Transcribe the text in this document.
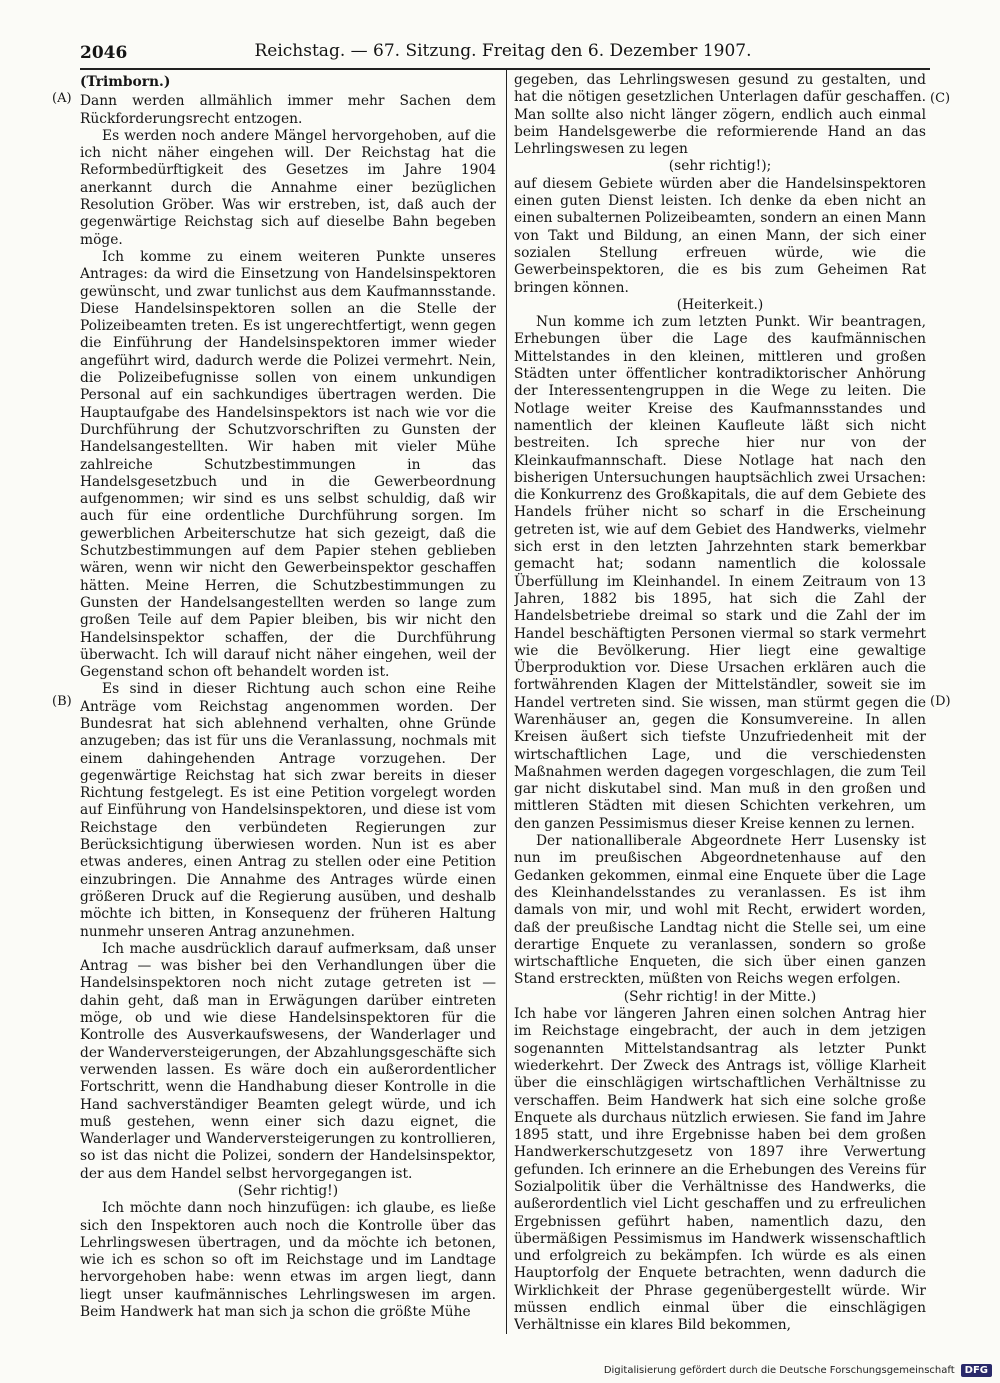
2046	Reichstag. — 67. Sitzung. Freitag den 6. Dezember 1907.
(A)
(B)
(C)
(D)

(Trimborn.)

Dann werden allmählich immer mehr Sachen dem Rückforderungsrecht entzogen.

Es werden noch andere Mängel hervorgehoben, auf die ich nicht näher eingehen will. Der Reichstag hat die Reformbedürftigkeit des Gesetzes im Jahre 1904 anerkannt durch die Annahme einer bezüglichen Resolution Gröber. Was wir erstreben, ist, daß auch der gegenwärtige Reichstag sich auf dieselbe Bahn begeben möge.

Ich komme zu einem weiteren Punkte unseres Antrages: da wird die Einsetzung von Handelsinspektoren gewünscht, und zwar tunlichst aus dem Kaufmannsstande. Diese Handelsinspektoren sollen an die Stelle der Polizeibeamten treten. Es ist ungerechtfertigt, wenn gegen die Einführung der Handelsinspektoren immer wieder angeführt wird, dadurch werde die Polizei vermehrt. Nein, die Polizeibefugnisse sollen von einem unkundigen Personal auf ein sachkundiges übertragen werden. Die Hauptaufgabe des Handelsinspektors ist nach wie vor die Durchführung der Schutzvorschriften zu Gunsten der Handelsangestellten. Wir haben mit vieler Mühe zahlreiche Schutzbestimmungen in das Handelsgesetzbuch und in die Gewerbeordnung aufgenommen; wir sind es uns selbst schuldig, daß wir auch für eine ordentliche Durchführung sorgen. Im gewerblichen Arbeiterschutze hat sich gezeigt, daß die Schutzbestimmungen auf dem Papier stehen geblieben wären, wenn wir nicht den Gewerbeinspektor geschaffen hätten. Meine Herren, die Schutzbestimmungen zu Gunsten der Handelsangestellten werden so lange zum großen Teile auf dem Papier bleiben, bis wir nicht den Handelsinspektor schaffen, der die Durchführung überwacht. Ich will darauf nicht näher eingehen, weil der Gegenstand schon oft behandelt worden ist.

Es sind in dieser Richtung auch schon eine Reihe Anträge vom Reichstag angenommen worden. Der Bundesrat hat sich ablehnend verhalten, ohne Gründe anzugeben; das ist für uns die Veranlassung, nochmals mit einem dahingehenden Antrage vorzugehen. Der gegenwärtige Reichstag hat sich zwar bereits in dieser Richtung festgelegt. Es ist eine Petition vorgelegt worden auf Einführung von Handelsinspektoren, und diese ist vom Reichstage den verbündeten Regierungen zur Berücksichtigung überwiesen worden. Nun ist es aber etwas anderes, einen Antrag zu stellen oder eine Petition einzubringen. Die Annahme des Antrages würde einen größeren Druck auf die Regierung ausüben, und deshalb möchte ich bitten, in Konsequenz der früheren Haltung nunmehr unseren Antrag anzunehmen.

Ich mache ausdrücklich darauf aufmerksam, daß unser Antrag — was bisher bei den Verhandlungen über die Handelsinspektoren noch nicht zutage getreten ist — dahin geht, daß man in Erwägungen darüber eintreten möge, ob und wie diese Handelsinspektoren für die Kontrolle des Ausverkaufswesens, der Wanderlager und der Wanderversteigerungen, der Abzahlungsgeschäfte sich verwenden lassen. Es wäre doch ein außerordentlicher Fortschritt, wenn die Handhabung dieser Kontrolle in die Hand sachverständiger Beamten gelegt würde, und ich muß gestehen, wenn einer sich dazu eignet, die Wanderlager und Wanderversteigerungen zu kontrollieren, so ist das nicht die Polizei, sondern der Handelsinspektor, der aus dem Handel selbst hervorgegangen ist.

(Sehr richtig!)

Ich möchte dann noch hinzufügen: ich glaube, es ließe sich den Inspektoren auch noch die Kontrolle über das Lehrlingswesen übertragen, und da möchte ich betonen, wie ich es schon so oft im Reichstage und im Landtage hervorgehoben habe: wenn etwas im argen liegt, dann liegt unser kaufmännisches Lehrlingswesen im argen. Beim Handwerk hat man sich ja schon die größte Mühe

gegeben, das Lehrlingswesen gesund zu gestalten, und hat die nötigen gesetzlichen Unterlagen dafür geschaffen. Man sollte also nicht länger zögern, endlich auch einmal beim Handelsgewerbe die reformierende Hand an das Lehrlingswesen zu legen

(sehr richtig!);

auf diesem Gebiete würden aber die Handelsinspektoren einen guten Dienst leisten. Ich denke da eben nicht an einen subalternen Polizeibeamten, sondern an einen Mann von Takt und Bildung, an einen Mann, der sich einer sozialen Stellung erfreuen würde, wie die Gewerbeinspektoren, die es bis zum Geheimen Rat bringen können.

(Heiterkeit.)

Nun komme ich zum letzten Punkt. Wir beantragen, Erhebungen über die Lage des kaufmännischen Mittelstandes in den kleinen, mittleren und großen Städten unter öffentlicher kontradiktorischer Anhörung der Interessentengruppen in die Wege zu leiten. Die Notlage weiter Kreise des Kaufmannsstandes und namentlich der kleinen Kaufleute läßt sich nicht bestreiten. Ich spreche hier nur von der Kleinkaufmannschaft. Diese Notlage hat nach den bisherigen Untersuchungen hauptsächlich zwei Ursachen: die Konkurrenz des Großkapitals, die auf dem Gebiete des Handels früher nicht so scharf in die Erscheinung getreten ist, wie auf dem Gebiet des Handwerks, vielmehr sich erst in den letzten Jahrzehnten stark bemerkbar gemacht hat; sodann namentlich die kolossale Überfüllung im Kleinhandel. In einem Zeitraum von 13 Jahren, 1882 bis 1895, hat sich die Zahl der Handelsbetriebe dreimal so stark und die Zahl der im Handel beschäftigten Personen viermal so stark vermehrt wie die Bevölkerung. Hier liegt eine gewaltige Überproduktion vor. Diese Ursachen erklären auch die fortwährenden Klagen der Mittelständler, soweit sie im Handel vertreten sind. Sie wissen, man stürmt gegen die Warenhäuser an, gegen die Konsumvereine. In allen Kreisen äußert sich tiefste Unzufriedenheit mit der wirtschaftlichen Lage, und die verschiedensten Maßnahmen werden dagegen vorgeschlagen, die zum Teil gar nicht diskutabel sind. Man muß in den großen und mittleren Städten mit diesen Schichten verkehren, um den ganzen Pessimismus dieser Kreise kennen zu lernen.

Der nationalliberale Abgeordnete Herr Lusensky ist nun im preußischen Abgeordnetenhause auf den Gedanken gekommen, einmal eine Enquete über die Lage des Kleinhandelsstandes zu veranlassen. Es ist ihm damals von mir, und wohl mit Recht, erwidert worden, daß der preußische Landtag nicht die Stelle sei, um eine derartige Enquete zu veranlassen, sondern so große wirtschaftliche Enqueten, die sich über einen ganzen Stand erstreckten, müßten von Reichs wegen erfolgen.

(Sehr richtig! in der Mitte.)

Ich habe vor längeren Jahren einen solchen Antrag hier im Reichstage eingebracht, der auch in dem jetzigen sogenannten Mittelstandsantrag als letzter Punkt wiederkehrt. Der Zweck des Antrags ist, völlige Klarheit über die einschlägigen wirtschaftlichen Verhältnisse zu verschaffen. Beim Handwerk hat sich eine solche große Enquete als durchaus nützlich erwiesen. Sie fand im Jahre 1895 statt, und ihre Ergebnisse haben bei dem großen Handwerkerschutzgesetz von 1897 ihre Verwertung gefunden. Ich erinnere an die Erhebungen des Vereins für Sozialpolitik über die Verhältnisse des Handwerks, die außerordentlich viel Licht geschaffen und zu erfreulichen Ergebnissen geführt haben, namentlich dazu, den übermäßigen Pessimismus im Handwerk wissenschaftlich und erfolgreich zu bekämpfen. Ich würde es als einen Hauptorfolg der Enquete betrachten, wenn dadurch die Wirklichkeit der Phrase gegenübergestellt würde. Wir müssen endlich einmal über die einschlägigen Verhältnisse ein klares Bild bekommen,

Digitalisierung gefördert durch die Deutsche Forschungsgemeinschaft	DFG
